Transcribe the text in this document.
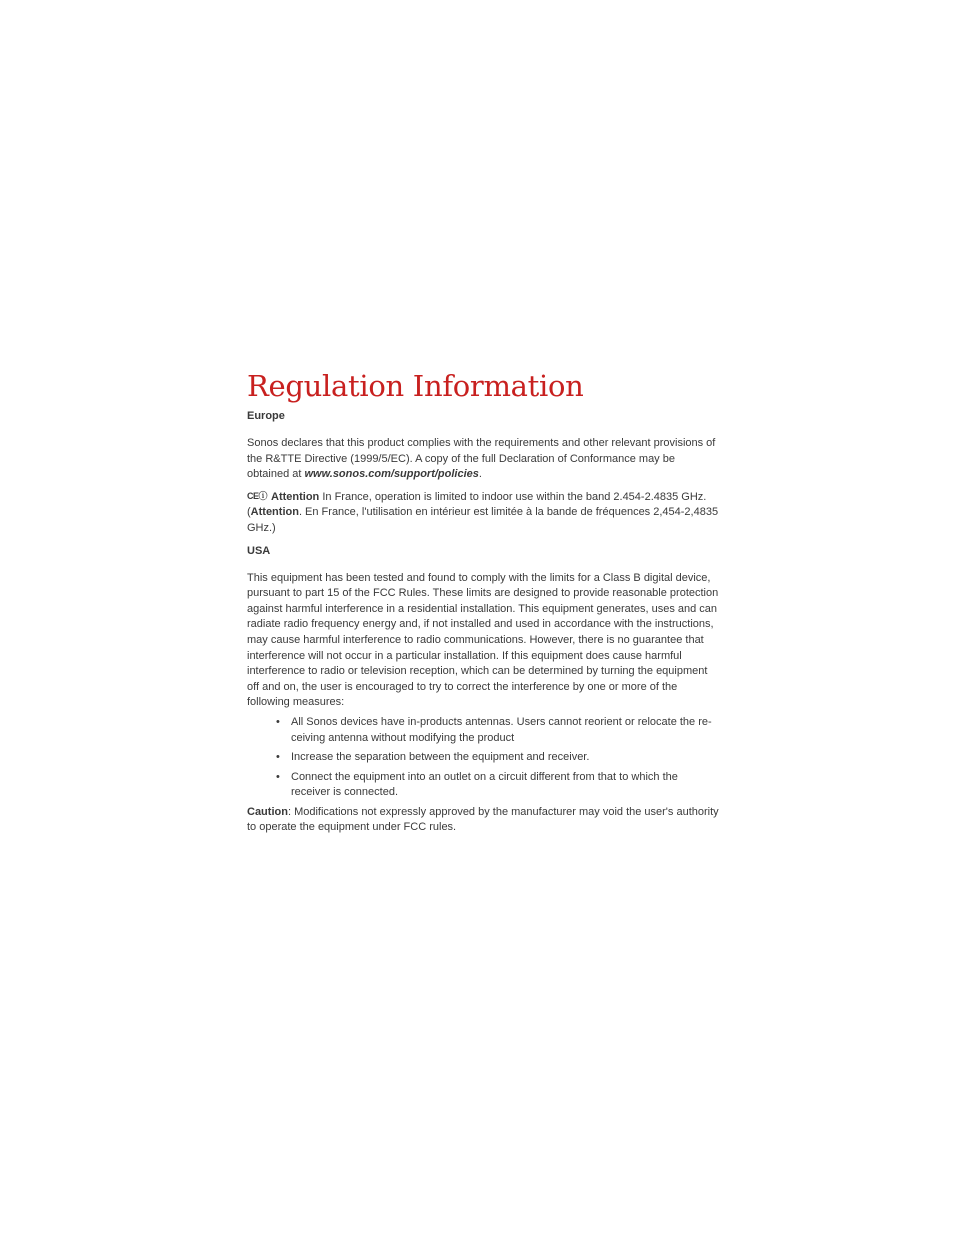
Regulation Information
Europe

Sonos declares that this product complies with the requirements and other relevant provisions of the R&TTE Directive (1999/5/EC). A copy of the full Declaration of Conformance may be obtained at www.sonos.com/support/policies.

CEⓘ Attention In France, operation is limited to indoor use within the band 2.454-2.4835 GHz. (Attention. En France, l'utilisation en intérieur est limitée à la bande de fréquences 2,454-2,4835 GHz.)

USA

This equipment has been tested and found to comply with the limits for a Class B digital device, pursuant to part 15 of the FCC Rules. These limits are designed to provide reasonable protection against harmful interference in a residential installation. This equipment generates, uses and can radiate radio frequency energy and, if not installed and used in accordance with the instructions, may cause harmful interference to radio communications. However, there is no guarantee that interference will not occur in a particular installation. If this equipment does cause harmful interference to radio or television reception, which can be determined by turning the equipment off and on, the user is encouraged to try to correct the interference by one or more of the following measures:

• All Sonos devices have in-products antennas. Users cannot reorient or relocate the re-ceiving antenna without modifying the product
• Increase the separation between the equipment and receiver.
• Connect the equipment into an outlet on a circuit different from that to which the receiver is connected.

Caution: Modifications not expressly approved by the manufacturer may void the user's authority to operate the equipment under FCC rules.
